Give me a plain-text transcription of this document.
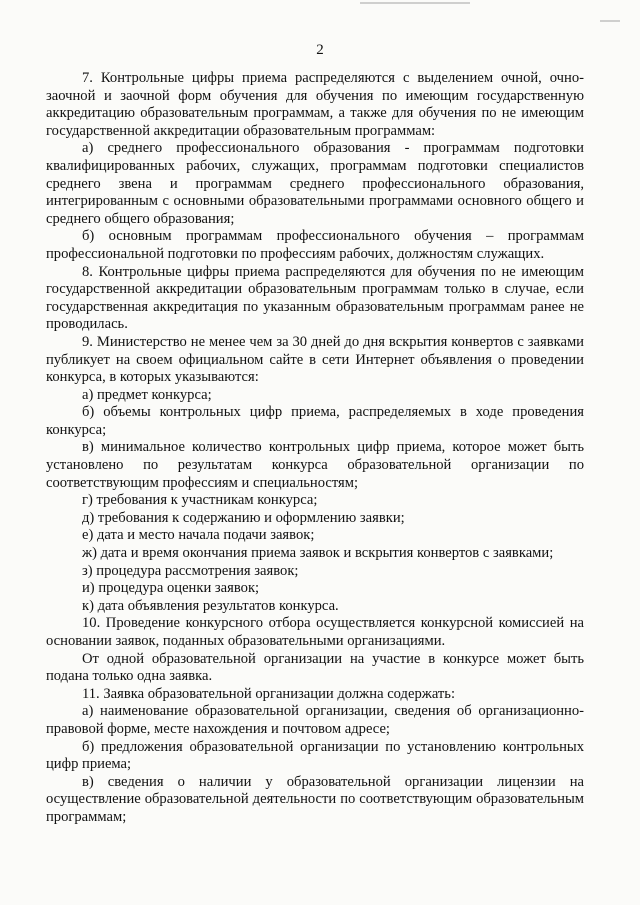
2

7. Контрольные цифры приема распределяются с выделением очной, очно-заочной и заочной форм обучения для обучения по имеющим государственную аккредитацию образовательным программам, а также для обучения по не имеющим государственной аккредитации образовательным программам:

а) среднего профессионального образования - программам подготовки квалифицированных рабочих, служащих, программам подготовки специалистов среднего звена и программам среднего профессионального образования, интегрированным с основными образовательными программами основного общего и среднего общего образования;

б) основным программам профессионального обучения – программам профессиональной подготовки по профессиям рабочих, должностям служащих.

8. Контрольные цифры приема распределяются для обучения по не имеющим государственной аккредитации образовательным программам только в случае, если государственная аккредитация по указанным образовательным программам ранее не проводилась.

9. Министерство не менее чем за 30 дней до дня вскрытия конвертов с заявками публикует на своем официальном сайте в сети Интернет объявления о проведении конкурса, в которых указываются:

а) предмет конкурса;

б) объемы контрольных цифр приема, распределяемых в ходе проведения конкурса;

в) минимальное количество контрольных цифр приема, которое может быть установлено по результатам конкурса образовательной организации по соответствующим профессиям и специальностям;

г) требования к участникам конкурса;

д) требования к содержанию и оформлению заявки;

е) дата и место начала подачи заявок;

ж) дата и время окончания приема заявок и вскрытия конвертов с заявками;

з) процедура рассмотрения заявок;

и) процедура оценки заявок;

к) дата объявления результатов конкурса.

10. Проведение конкурсного отбора осуществляется конкурсной комиссией на основании заявок, поданных образовательными организациями.

От одной образовательной организации на участие в конкурсе может быть подана только одна заявка.

11. Заявка образовательной организации должна содержать:

а) наименование образовательной организации, сведения об организационно-правовой форме, месте нахождения и почтовом адресе;

б) предложения образовательной организации по установлению контрольных цифр приема;

в) сведения о наличии у образовательной организации лицензии на осуществление образовательной деятельности по соответствующим образовательным программам;
